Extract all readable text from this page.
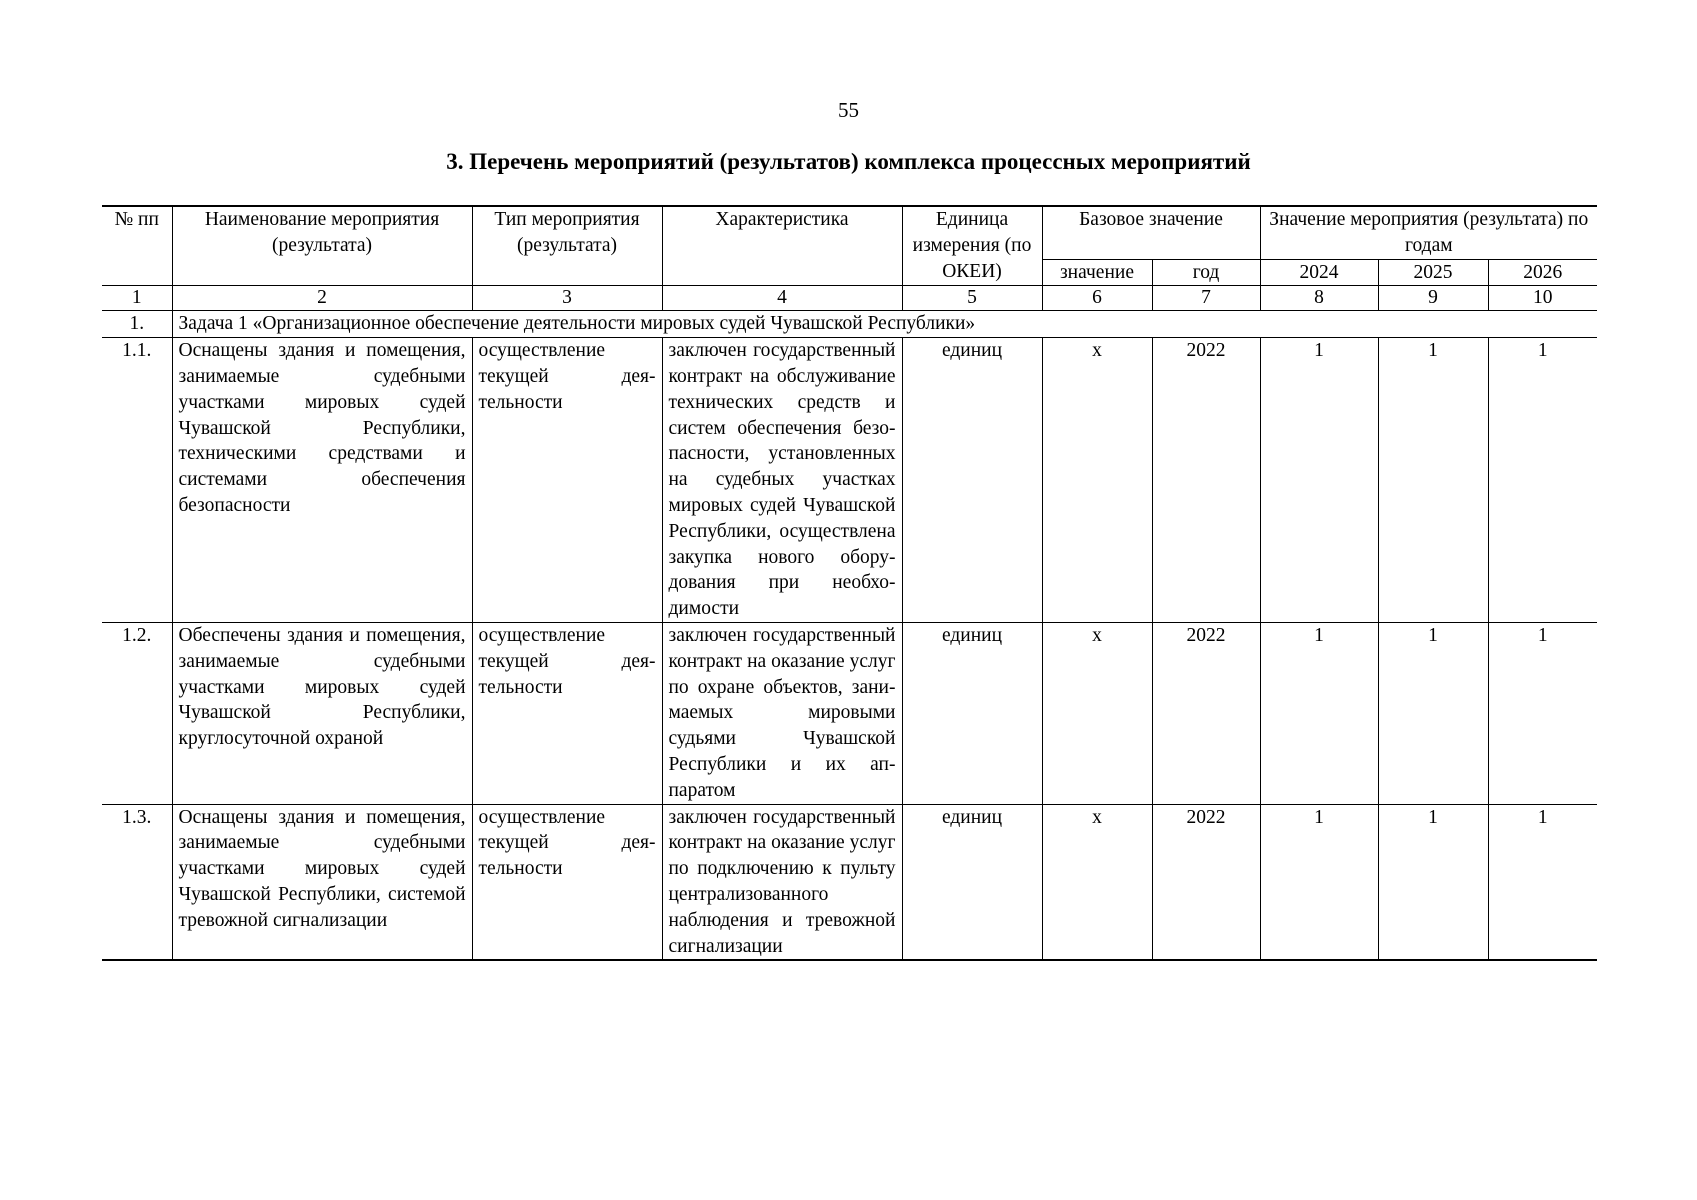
55
3. Перечень мероприятий (результатов) комплекса процессных мероприятий
№ пп	Наименование мероприятия (результата)	Тип мероприятия (результата)	Характеристика	Единица измерения (по ОКЕИ)	Базовое значение		Значение мероприятия (результата) по годам		
					значение	год	2024	2025	2026
1	2	3	4	5	6	7	8	9	10
1.	Задача 1 «Организационное обеспечение деятельности мировых судей Чувашской Республики»								
1.1.	Оснащены здания и помещения, занимаемые судебными участками мировых судей Чувашской Республики, техническими средствами и системами обеспечения безопасности	осуществление текущей деятельности	заключен государственный контракт на обслуживание технических средств и систем обеспечения безопасности, установленных на судебных участках мировых судей Чувашской Республики, осуществлена закупка нового оборудования при необходимости	единиц	х	2022	1	1	1
1.2.	Обеспечены здания и помещения, занимаемые судебными участками мировых судей Чувашской Республики, круглосуточной охраной	осуществление текущей деятельности	заключен государственный контракт на оказание услуг по охране объектов, занимаемых мировыми судьями Чувашской Республики и их аппаратом	единиц	х	2022	1	1	1
1.3.	Оснащены здания и помещения, занимаемые судебными участками мировых судей Чувашской Республики, системой тревожной сигнализации	осуществление текущей деятельности	заключен государственный контракт на оказание услуг по подключению к пульту централизованного наблюдения и тревожной сигнализации	единиц	х	2022	1	1	1
